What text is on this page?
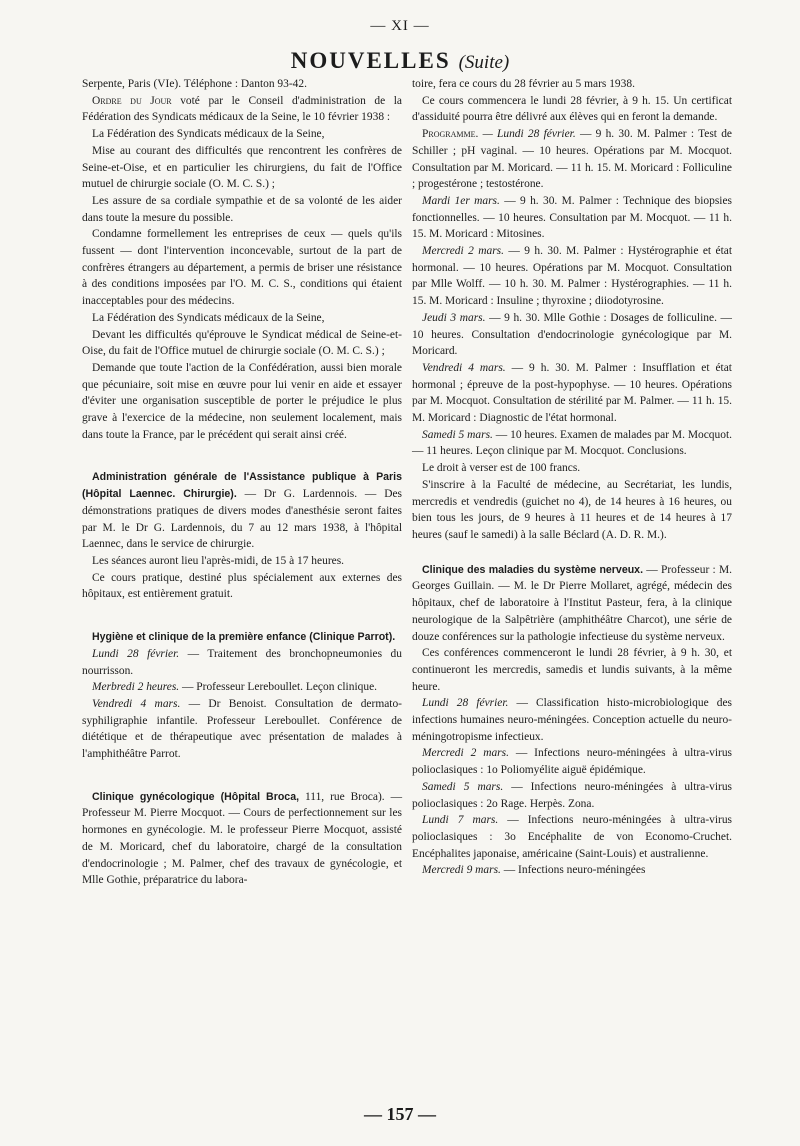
— XI —
NOUVELLES (Suite)

Serpente, Paris (VIe). Téléphone : Danton 93-42.

Ordre du Jour voté par le Conseil d'administration de la Fédération des Syndicats médicaux de la Seine, le 10 février 1938 :

La Fédération des Syndicats médicaux de la Seine,

Mise au courant des difficultés que rencontrent les confrères de Seine-et-Oise, et en particulier les chirurgiens, du fait de l'Office mutuel de chirurgie sociale (O. M. C. S.) ;

Les assure de sa cordiale sympathie et de sa volonté de les aider dans toute la mesure du possible.

Condamne formellement les entreprises de ceux — quels qu'ils fussent — dont l'intervention inconcevable, surtout de la part de confrères étrangers au département, a permis de briser une résistance à des conditions imposées par l'O. M. C. S., conditions qui étaient inacceptables pour des médecins.

La Fédération des Syndicats médicaux de la Seine,

Devant les difficultés qu'éprouve le Syndicat médical de Seine-et-Oise, du fait de l'Office mutuel de chirurgie sociale (O. M. C. S.) ;

Demande que toute l'action de la Confédération, aussi bien morale que pécuniaire, soit mise en œuvre pour lui venir en aide et essayer d'éviter une organisation susceptible de porter le préjudice le plus grave à l'exercice de la médecine, non seulement localement, mais dans toute la France, par le précédent qui serait ainsi créé.

Administration générale de l'Assistance publique à Paris (Hôpital Laennec. Chirurgie). — Dr G. Lardennois. — Des démonstrations pratiques de divers modes d'anesthésie seront faites par M. le Dr G. Lardennois, du 7 au 12 mars 1938, à l'hôpital Laennec, dans le service de chirurgie.

Les séances auront lieu l'après-midi, de 15 à 17 heures.

Ce cours pratique, destiné plus spécialement aux externes des hôpitaux, est entièrement gratuit.

Hygiène et clinique de la première enfance (Clinique Parrot).

Lundi 28 février. — Traitement des bronchopneumonies du nourrisson.

Merbredi 2 heures. — Professeur Lereboullet. Leçon clinique.

Vendredi 4 mars. — Dr Benoist. Consultation de dermato-syphiligraphie infantile. Professeur Lereboullet. Conférence de diététique et de thérapeutique avec présentation de malades à l'amphithéâtre Parrot.

Clinique gynécologique (Hôpital Broca, 111, rue Broca). — Professeur M. Pierre Mocquot. — Cours de perfectionnement sur les hormones en gynécologie. M. le professeur Pierre Mocquot, assisté de M. Moricard, chef du laboratoire, chargé de la consultation d'endocrinologie ; M. Palmer, chef des travaux de gynécologie, et Mlle Gothie, préparatrice du labora-

toire, fera ce cours du 28 février au 5 mars 1938.

Ce cours commencera le lundi 28 février, à 9 h. 15. Un certificat d'assiduité pourra être délivré aux élèves qui en feront la demande.

Programme. — Lundi 28 février. — 9 h. 30. M. Palmer : Test de Schiller ; pH vaginal. — 10 heures. Opérations par M. Mocquot. Consultation par M. Moricard. — 11 h. 15. M. Moricard : Folliculine ; progestérone ; testostérone.

Mardi 1er mars. — 9 h. 30. M. Palmer : Technique des biopsies fonctionnelles. — 10 heures. Consultation par M. Mocquot. — 11 h. 15. M. Moricard : Mitosines.

Mercredi 2 mars. — 9 h. 30. M. Palmer : Hystérographie et état hormonal. — 10 heures. Opérations par M. Mocquot. Consultation par Mlle Wolff. — 10 h. 30. M. Palmer : Hystérographies. — 11 h. 15. M. Moricard : Insuline ; thyroxine ; diiodotyrosine.

Jeudi 3 mars. — 9 h. 30. Mlle Gothie : Dosages de folliculine. — 10 heures. Consultation d'endocrinologie gynécologique par M. Moricard.

Vendredi 4 mars. — 9 h. 30. M. Palmer : Insufflation et état hormonal ; épreuve de la post-hypophyse. — 10 heures. Opérations par M. Mocquot. Consultation de stérilité par M. Palmer. — 11 h. 15. M. Moricard : Diagnostic de l'état hormonal.

Samedi 5 mars. — 10 heures. Examen de malades par M. Mocquot. — 11 heures. Leçon clinique par M. Mocquot. Conclusions.

Le droit à verser est de 100 francs.

S'inscrire à la Faculté de médecine, au Secrétariat, les lundis, mercredis et vendredis (guichet no 4), de 14 heures à 16 heures, ou bien tous les jours, de 9 heures à 11 heures et de 14 heures à 17 heures (sauf le samedi) à la salle Béclard (A. D. R. M.).

Clinique des maladies du système nerveux. — Professeur : M. Georges Guillain. — M. le Dr Pierre Mollaret, agrégé, médecin des hôpitaux, chef de laboratoire à l'Institut Pasteur, fera, à la clinique neurologique de la Salpêtrière (amphithéâtre Charcot), une série de douze conférences sur la pathologie infectieuse du système nerveux.

Ces conférences commenceront le lundi 28 février, à 9 h. 30, et continueront les mercredis, samedis et lundis suivants, à la même heure.

Lundi 28 février. — Classification histo-microbiologique des infections humaines neuro-méningées. Conception actuelle du neuro-méningotropisme infectieux.

Mercredi 2 mars. — Infections neuro-méningées à ultra-virus polioclasiques : 1o Poliomyélite aiguë épidémique.

Samedi 5 mars. — Infections neuro-méningées à ultra-virus polioclasiques : 2o Rage. Herpès. Zona.

Lundi 7 mars. — Infections neuro-méningées à ultra-virus polioclasiques : 3o Encéphalite de von Economo-Cruchet. Encéphalites japonaise, américaine (Saint-Louis) et australienne.

Mercredi 9 mars. — Infections neuro-méningées

— 157 —
